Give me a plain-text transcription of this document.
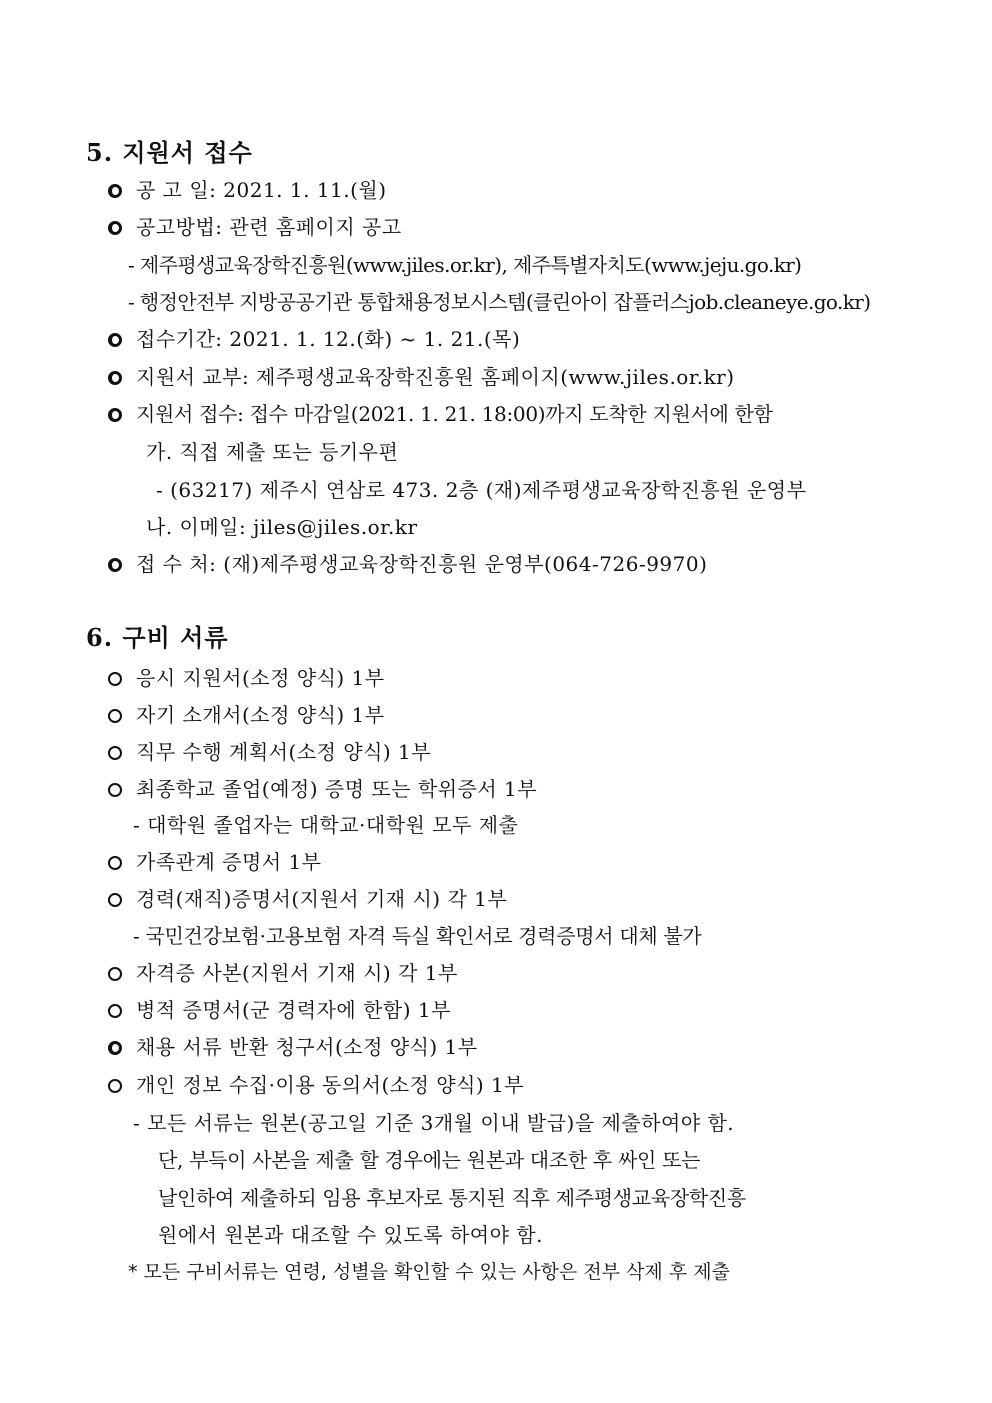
5. 지원서 접수
공 고 일: 2021. 1. 11.(월)
공고방법: 관련 홈페이지 공고
- 제주평생교육장학진흥원(www.jiles.or.kr), 제주특별자치도(www.jeju.go.kr)
- 행정안전부 지방공공기관 통합채용정보시스템(클린아이 잡플러스job.cleaneye.go.kr)
접수기간: 2021. 1. 12.(화) ~ 1. 21.(목)
지원서 교부: 제주평생교육장학진흥원 홈페이지(www.jiles.or.kr)
지원서 접수: 접수 마감일(2021. 1. 21. 18:00)까지 도착한 지원서에 한함
가. 직접 제출 또는 등기우편
- (63217) 제주시 연삼로 473. 2층 (재)제주평생교육장학진흥원 운영부
나. 이메일: jiles@jiles.or.kr
접 수 처: (재)제주평생교육장학진흥원 운영부(064-726-9970)
6. 구비 서류
응시 지원서(소정 양식) 1부
자기 소개서(소정 양식) 1부
직무 수행 계획서(소정 양식) 1부
최종학교 졸업(예정) 증명 또는 학위증서 1부
- 대학원 졸업자는 대학교·대학원 모두 제출
가족관계 증명서 1부
경력(재직)증명서(지원서 기재 시) 각 1부
- 국민건강보험·고용보험 자격 득실 확인서로 경력증명서 대체 불가
자격증 사본(지원서 기재 시) 각 1부
병적 증명서(군 경력자에 한함) 1부
채용 서류 반환 청구서(소정 양식) 1부
개인 정보 수집·이용 동의서(소정 양식) 1부
- 모든 서류는 원본(공고일 기준 3개월 이내 발급)을 제출하여야 함.
단, 부득이 사본을 제출 할 경우에는 원본과 대조한 후 싸인 또는
날인하여 제출하되 임용 후보자로 통지된 직후 제주평생교육장학진흥
원에서 원본과 대조할 수 있도록 하여야 함.
* 모든 구비서류는 연령, 성별을 확인할 수 있는 사항은 전부 삭제 후 제출
